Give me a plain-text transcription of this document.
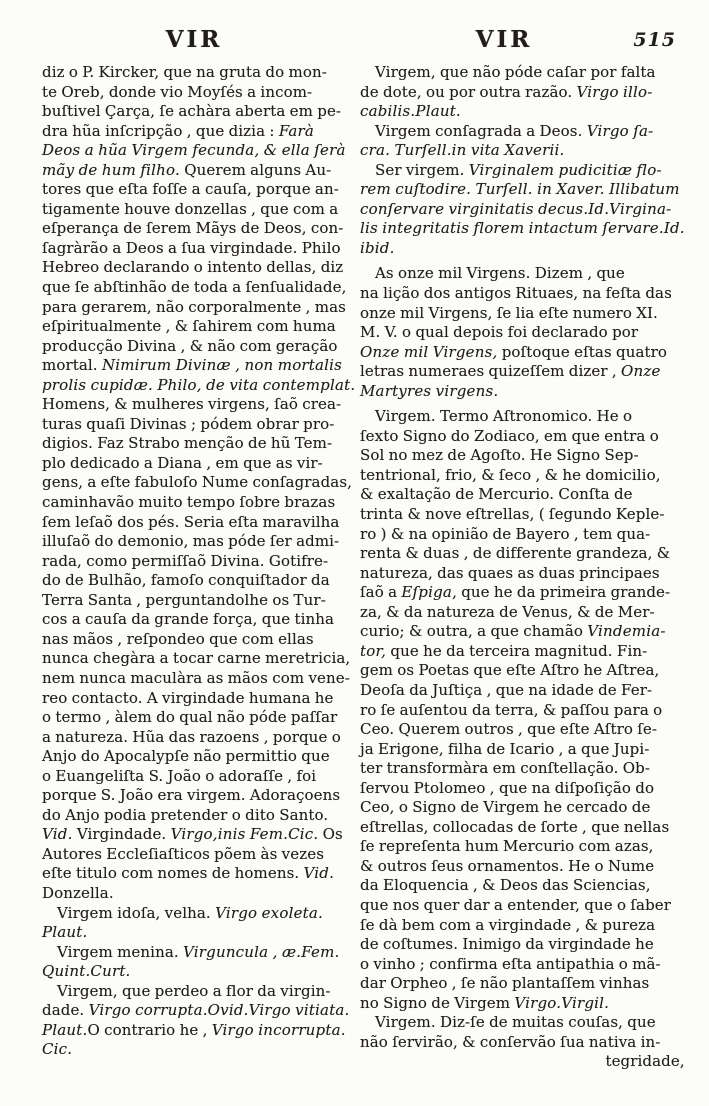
VIR	VIR	515
diz o P. Kircker, que na gruta do mon-
te Oreb, donde vio Moyſés a incom-
buſtivel Çarça, ſe achàra aberta em pe-
dra hũa inſcripção , que dizia : Farà
Deos a hũa Virgem fecunda, & ella ſerà
mãy de hum filho. Querem alguns Au-
tores que eſta foſſe a cauſa, porque an-
tigamente houve donzellas , que com a
eſperança de ſerem Mãys de Deos, con-
ſagràrão a Deos a ſua virgindade. Philo
Hebreo declarando o intento dellas, diz
que ſe abſtinhão de toda a ſenſualidade,
para gerarem, não corporalmente , mas
eſpiritualmente , & ſahirem com huma
producção Divina , & não com geração
mortal. Nimirum Divinæ , non mortalis
prolis cupidæ. Philo, de vita contemplat.
Homens, & mulheres virgens, ſaõ crea-
turas quaſi Divinas ; pódem obrar pro-
digios. Faz Strabo menção de hũ Tem-
plo dedicado a Diana , em que as vir-
gens, a eſte fabuloſo Nume conſagradas,
caminhavão muito tempo ſobre brazas
ſem leſaõ dos pés. Seria eſta maravilha
illuſaõ do demonio, mas póde ſer admi-
rada, como permiſſaõ Divina. Gotifre-
do de Bulhão, famoſo conquiſtador da
Terra Santa , perguntandolhe os Tur-
cos a cauſa da grande força, que tinha
nas mãos , reſpondeo que com ellas
nunca chegàra a tocar carne meretricia,
nem nunca maculàra as mãos com vene-
reo contacto. A virgindade humana he
o termo , àlem do qual não póde paſſar
a natureza. Hũa das razoens , porque o
Anjo do Apocalypſe não permittio que
o Euangeliſta S. João o adoraſſe , foi
porque S. João era virgem. Adoraçoens
do Anjo podia pretender o dito Santo.
Vid. Virgindade. Virgo,inis Fem.Cic. Os
Autores Eccleſiaſticos põem às vezes
eſte titulo com nomes de homens. Vid.
Donzella.
Virgem idoſa, velha. Virgo exoleta.
Plaut.
Virgem menina. Virguncula , æ.Fem.
Quint.Curt.
Virgem, que perdeo a flor da virgin-
dade. Virgo corrupta.Ovid.Virgo vitiata.
Plaut.O contrario he , Virgo incorrupta.
Cic.
Virgem, que não póde caſar por falta
de dote, ou por outra razão. Virgo illo-
cabilis.Plaut.
Virgem conſagrada a Deos. Virgo ſa-
cra. Turſell.in vita Xaverii.
Ser virgem. Virginalem pudicitiæ flo-
rem cuſtodire. Turſell. in Xaver. Illibatum
conſervare virginitatis decus.Id.Virgina-
lis integritatis florem intactum ſervare.Id.
ibid.
As onze mil Virgens. Dizem , que
na lição dos antigos Rituaes, na feſta das
onze mil Virgens, ſe lia eſte numero XI.
M. V. o qual depois foi declarado por
Onze mil Virgens, poſtoque eſtas quatro
letras numeraes quizeſſem dizer , Onze
Martyres virgens.
Virgem. Termo Aſtronomico. He o
ſexto Signo do Zodiaco, em que entra o
Sol no mez de Agoſto. He Signo Sep-
tentrional, frio, & ſeco , & he domicilio,
& exaltação de Mercurio. Conſta de
trinta & nove eſtrellas, ( ſegundo Keple-
ro ) & na opinião de Bayero , tem qua-
renta & duas , de differente grandeza, &
natureza, das quaes as duas principaes
ſaõ a Eſpiga, que he da primeira grande-
za, & da natureza de Venus, & de Mer-
curio; & outra, a que chamão Vindemia-
tor, que he da terceira magnitud. Fin-
gem os Poetas que eſte Aſtro he Aſtrea,
Deoſa da Juſtiça , que na idade de Fer-
ro ſe auſentou da terra, & paſſou para o
Ceo. Querem outros , que eſte Aſtro ſe-
ja Erigone, filha de Icario , a que Jupi-
ter transformàra em conſtellação. Ob-
ſervou Ptolomeo , que na diſpoſição do
Ceo, o Signo de Virgem he cercado de
eſtrellas, collocadas de ſorte , que nellas
ſe repreſenta hum Mercurio com azas,
& outros ſeus ornamentos. He o Nume
da Eloquencia , & Deos das Sciencias,
que nos quer dar a entender, que o ſaber
ſe dà bem com a virgindade , & pureza
de coſtumes. Inimigo da virgindade he
o vinho ; confirma eſta antipathia o mã-
dar Orpheo , ſe não plantaſſem vinhas
no Signo de Virgem Virgo.Virgil.
Virgem. Diz-ſe de muitas couſas, que
não ſervirão, & conſervão ſua nativa in-
tegridade,
